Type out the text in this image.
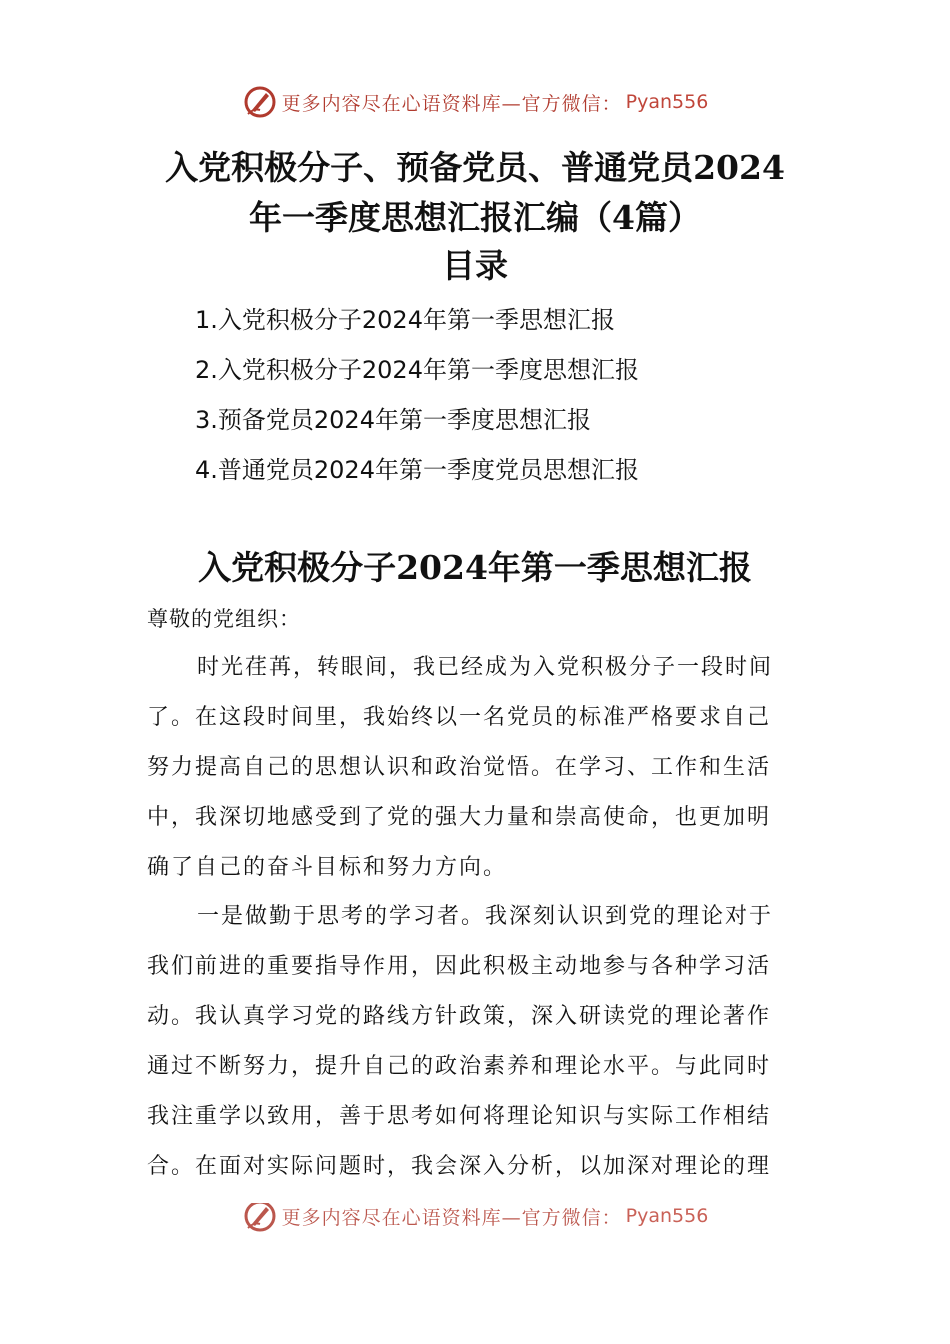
更多内容尽在心语资料库—官方微信： Pyan556
入党积极分子、预备党员、普通党员2024
年一季度思想汇报汇编（4篇）
目录
1.入党积极分子2024年第一季思想汇报
2.入党积极分子2024年第一季度思想汇报
3.预备党员2024年第一季度思想汇报
4.普通党员2024年第一季度党员思想汇报
入党积极分子2024年第一季思想汇报

尊敬的党组织：

时光荏苒，转眼间，我已经成为入党积极分子一段时间
了。在这段时间里，我始终以一名党员的标准严格要求自己
努力提高自己的思想认识和政治觉悟。在学习、工作和生活
中，我深切地感受到了党的强大力量和崇高使命，也更加明
确了自己的奋斗目标和努力方向。
一是做勤于思考的学习者。我深刻认识到党的理论对于
我们前进的重要指导作用，因此积极主动地参与各种学习活
动。我认真学习党的路线方针政策，深入研读党的理论著作
通过不断努力，提升自己的政治素养和理论水平。与此同时
我注重学以致用，善于思考如何将理论知识与实际工作相结
合。在面对实际问题时，我会深入分析，以加深对理论的理
更多内容尽在心语资料库—官方微信： Pyan556
